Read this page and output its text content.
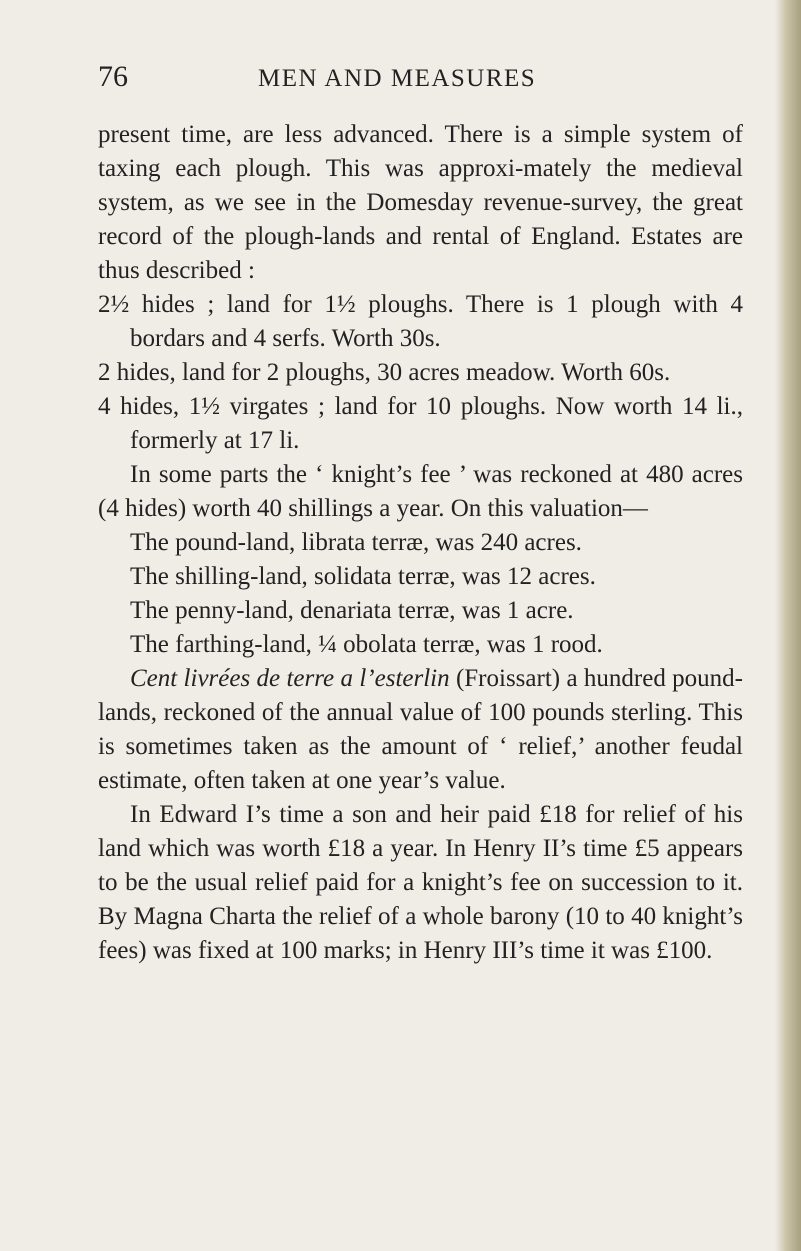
76	MEN AND MEASURES

present time, are less advanced. There is a simple system of taxing each plough. This was approxi-mately the medieval system, as we see in the Domesday revenue-survey, the great record of the plough-lands and rental of England. Estates are thus described :

2½ hides ; land for 1½ ploughs. There is 1 plough with 4 bordars and 4 serfs. Worth 30s.

2 hides, land for 2 ploughs, 30 acres meadow. Worth 60s.

4 hides, 1½ virgates ; land for 10 ploughs. Now worth 14 li., formerly at 17 li.

In some parts the ‘ knight’s fee ’ was reckoned at 480 acres (4 hides) worth 40 shillings a year. On this valuation—

The pound-land, librata terræ, was 240 acres.

The shilling-land, solidata terræ, was 12 acres.

The penny-land, denariata terræ, was 1 acre.

The farthing-land, ¼ obolata terræ, was 1 rood.

Cent livrées de terre a l’esterlin (Froissart) a hundred pound-lands, reckoned of the annual value of 100 pounds sterling. This is sometimes taken as the amount of ‘ relief,’ another feudal estimate, often taken at one year’s value.

In Edward I’s time a son and heir paid £18 for relief of his land which was worth £18 a year. In Henry II’s time £5 appears to be the usual relief paid for a knight’s fee on succession to it. By Magna Charta the relief of a whole barony (10 to 40 knight’s fees) was fixed at 100 marks; in Henry III’s time it was £100.
